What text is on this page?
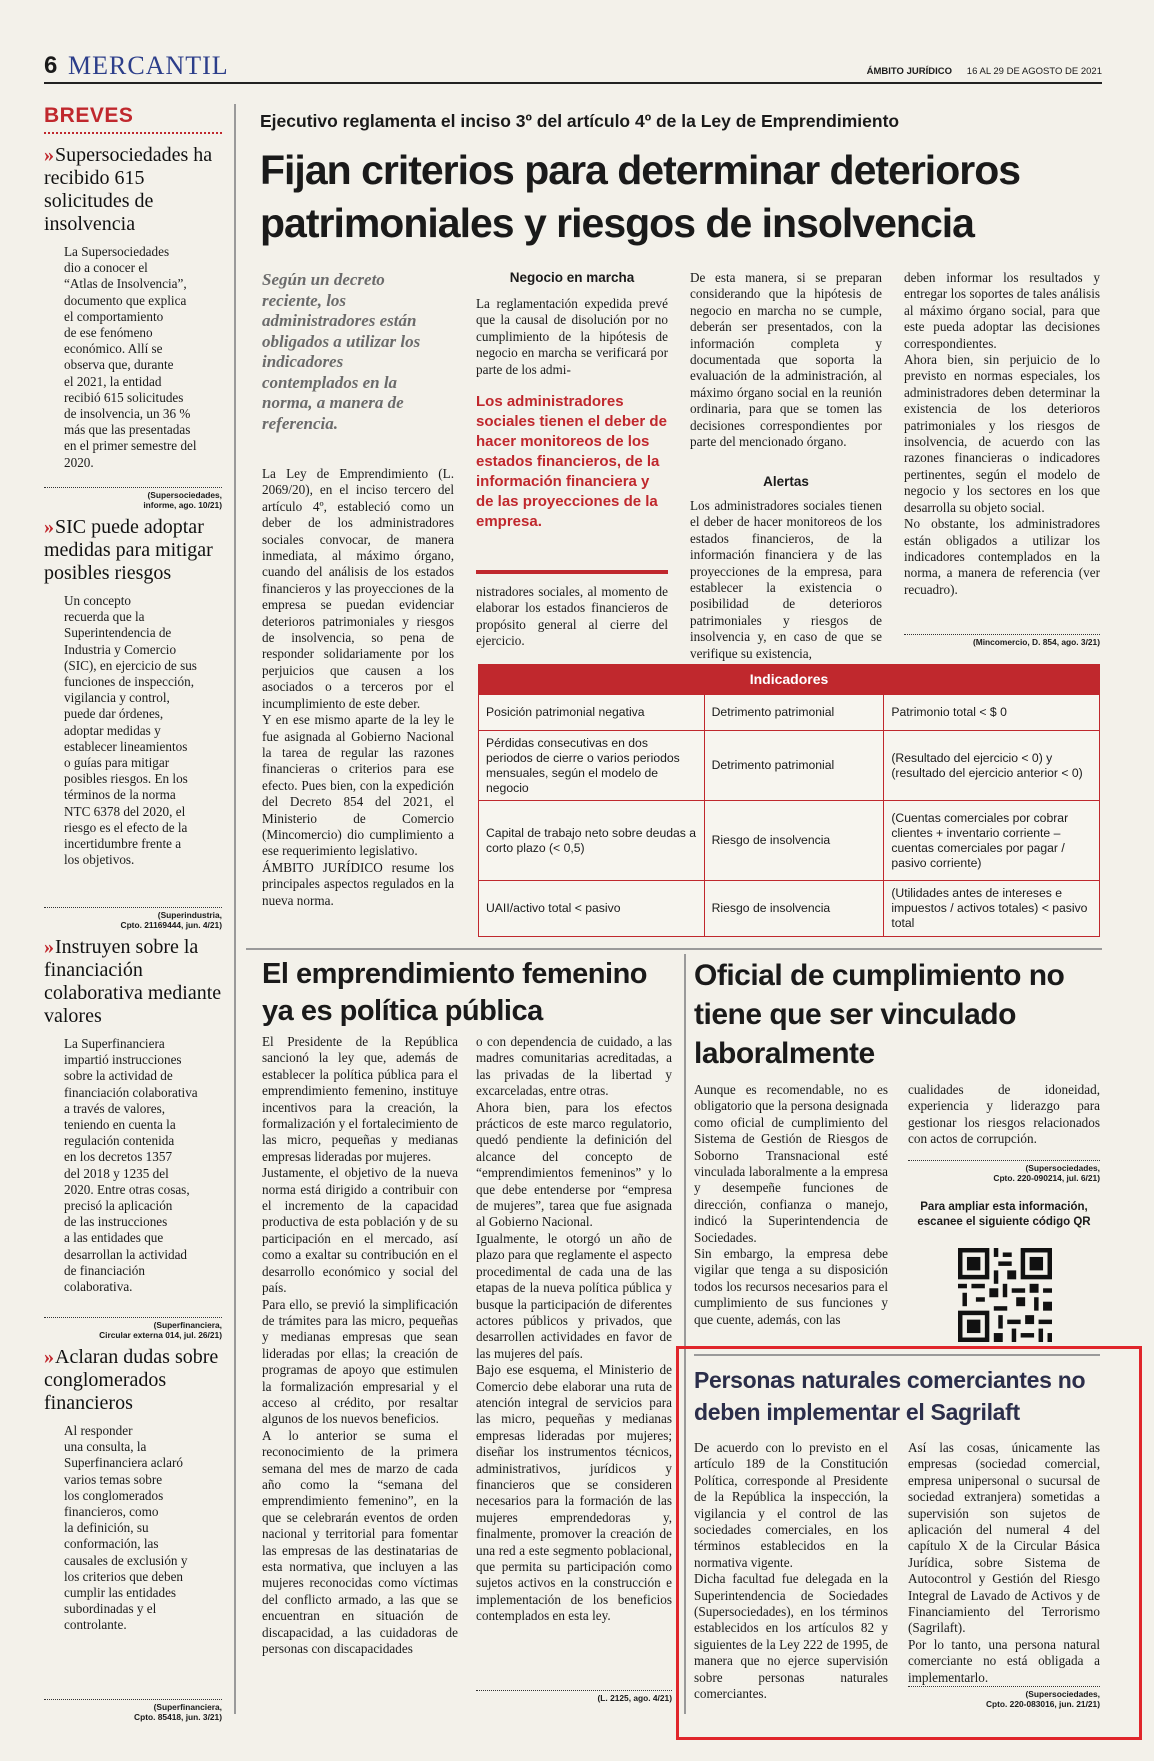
6 MERCANTIL	ÁMBITO JURÍDICO 16 AL 29 DE AGOSTO DE 2021
BREVES
» Supersociedades ha recibido 615 solicitudes de insolvencia
La Supersociedades
dio a conocer el
“Atlas de Insolvencia”,
documento que explica
el comportamiento
de ese fenómeno
económico. Allí se
observa que, durante
el 2021, la entidad
recibió 615 solicitudes
de insolvencia, un 36 %
más que las presentadas
en el primer semestre del
2020.
(Supersociedades,
informe, ago. 10/21)
» SIC puede adoptar medidas para mitigar posibles riesgos
Un concepto
recuerda que la
Superintendencia de
Industria y Comercio
(SIC), en ejercicio de sus
funciones de inspección,
vigilancia y control,
puede dar órdenes,
adoptar medidas y
establecer lineamientos
o guías para mitigar
posibles riesgos. En los
términos de la norma
NTC 6378 del 2020, el
riesgo es el efecto de la
incertidumbre frente a
los objetivos.
(Superindustria,
Cpto. 21169444, jun. 4/21)
» Instruyen sobre la financiación colaborativa mediante valores
La Superfinanciera
impartió instrucciones
sobre la actividad de
financiación colaborativa
a través de valores,
teniendo en cuenta la
regulación contenida
en los decretos 1357
del 2018 y 1235 del
2020. Entre otras cosas,
precisó la aplicación
de las instrucciones
a las entidades que
desarrollan la actividad
de financiación
colaborativa.
(Superfinanciera,
Circular externa 014, jul. 26/21)
» Aclaran dudas sobre conglomerados financieros
Al responder
una consulta, la
Superfinanciera aclaró
varios temas sobre
los conglomerados
financieros, como
la definición, su
conformación, las
causales de exclusión y
los criterios que deben
cumplir las entidades
subordinadas y el
controlante.
(Superfinanciera,
Cpto. 85418, jun. 3/21)
Ejecutivo reglamenta el inciso 3º del artículo 4º de la Ley de Emprendimiento
Fijan criterios para determinar deterioros patrimoniales y riesgos de insolvencia
Según un decreto reciente, los administradores están obligados a utilizar los indicadores contemplados en la norma, a manera de referencia.
La Ley de Emprendimiento (L. 2069/20), en el inciso tercero del artículo 4º, estableció como un deber de los administradores sociales convocar, de manera inmediata, al máximo órgano, cuando del análisis de los estados financieros y las proyecciones de la empresa se puedan evidenciar deterioros patrimoniales y riesgos de insolvencia, so pena de responder solidariamente por los perjuicios que causen a los asociados o a terceros por el incumplimiento de este deber.
Y en ese mismo aparte de la ley le fue asignada al Gobierno Nacional la tarea de regular las razones financieras o criterios para ese efecto. Pues bien, con la expedición del Decreto 854 del 2021, el Ministerio de Comercio (Mincomercio) dio cumplimiento a ese requerimiento legislativo.
ÁMBITO JURÍDICO resume los principales aspectos regulados en la nueva norma.
Negocio en marcha
La reglamentación expedida prevé que la causal de disolución por no cumplimiento de la hipótesis de negocio en marcha se verificará por parte de los admi-
Los administradores sociales tienen el deber de hacer monitoreos de los estados financieros, de la información financiera y de las proyecciones de la empresa.
nistradores sociales, al momento de elaborar los estados financieros de propósito general al cierre del ejercicio.
De esta manera, si se preparan considerando que la hipótesis de negocio en marcha no se cumple, deberán ser presentados, con la información completa y documentada que soporta la evaluación de la administración, al máximo órgano social en la reunión ordinaria, para que se tomen las decisiones correspondientes por parte del mencionado órgano.
Alertas
Los administradores sociales tienen el deber de hacer monitoreos de los estados financieros, de la información financiera y de las proyecciones de la empresa, para establecer la existencia o posibilidad de deterioros patrimoniales y riesgos de insolvencia y, en caso de que se verifique su existencia,
deben informar los resultados y entregar los soportes de tales análisis al máximo órgano social, para que este pueda adoptar las decisiones correspondientes.
Ahora bien, sin perjuicio de lo previsto en normas especiales, los administradores deben determinar la existencia de los deterioros patrimoniales y los riesgos de insolvencia, de acuerdo con las razones financieras o indicadores pertinentes, según el modelo de negocio y los sectores en los que desarrolla su objeto social.
No obstante, los administradores están obligados a utilizar los indicadores contemplados en la norma, a manera de referencia (ver recuadro).
(Mincomercio, D. 854, ago. 3/21)
Indicadores
Posición patrimonial negativa	Detrimento patrimonial	Patrimonio total < $ 0
Pérdidas consecutivas en dos periodos de cierre o varios periodos mensuales, según el modelo de negocio	Detrimento patrimonial	(Resultado del ejercicio < 0) y (resultado del ejercicio anterior < 0)
Capital de trabajo neto sobre deudas a corto plazo (< 0,5)	Riesgo de insolvencia	(Cuentas comerciales por cobrar clientes + inventario corriente – cuentas comerciales por pagar / pasivo corriente)
UAII/activo total < pasivo	Riesgo de insolvencia	(Utilidades antes de intereses e impuestos / activos totales) < pasivo total
El emprendimiento femenino ya es política pública
El Presidente de la República sancionó la ley que, además de establecer la política pública para el emprendimiento femenino, instituye incentivos para la creación, la formalización y el fortalecimiento de las micro, pequeñas y medianas empresas lideradas por mujeres.
Justamente, el objetivo de la nueva norma está dirigido a contribuir con el incremento de la capacidad productiva de esta población y de su participación en el mercado, así como a exaltar su contribución en el desarrollo económico y social del país.
Para ello, se previó la simplificación de trámites para las micro, pequeñas y medianas empresas que sean lideradas por ellas; la creación de programas de apoyo que estimulen la formalización empresarial y el acceso al crédito, por resaltar algunos de los nuevos beneficios.
A lo anterior se suma el reconocimiento de la primera semana del mes de marzo de cada año como la “semana del emprendimiento femenino”, en la que se celebrarán eventos de orden nacional y territorial para fomentar las empresas de las destinatarias de esta normativa, que incluyen a las mujeres reconocidas como víctimas del conflicto armado, a las que se encuentran en situación de discapacidad, a las cuidadoras de personas con discapacidades
o con dependencia de cuidado, a las madres comunitarias acreditadas, a las privadas de la libertad y excarceladas, entre otras.
Ahora bien, para los efectos prácticos de este marco regulatorio, quedó pendiente la definición del alcance del concepto de “emprendimientos femeninos” y lo que debe entenderse por “empresa de mujeres”, tarea que fue asignada al Gobierno Nacional.
Igualmente, le otorgó un año de plazo para que reglamente el aspecto procedimental de cada una de las etapas de la nueva política pública y busque la participación de diferentes actores públicos y privados, que desarrollen actividades en favor de las mujeres del país.
Bajo ese esquema, el Ministerio de Comercio debe elaborar una ruta de atención integral de servicios para las micro, pequeñas y medianas empresas lideradas por mujeres; diseñar los instrumentos técnicos, administrativos, jurídicos y financieros que se consideren necesarios para la formación de las mujeres emprendedoras y, finalmente, promover la creación de una red a este segmento poblacional, que permita su participación como sujetos activos en la construcción e implementación de los beneficios contemplados en esta ley.
(L. 2125, ago. 4/21)
Oficial de cumplimiento no tiene que ser vinculado laboralmente
Aunque es recomendable, no es obligatorio que la persona designada como oficial de cumplimiento del Sistema de Gestión de Riesgos de Soborno Transnacional esté vinculada laboralmente a la empresa y desempeñe funciones de dirección, confianza o manejo, indicó la Superintendencia de Sociedades.
Sin embargo, la empresa debe vigilar que tenga a su disposición todos los recursos necesarios para el cumplimiento de sus funciones y que cuente, además, con las
cualidades de idoneidad, experiencia y liderazgo para gestionar los riesgos relacionados con actos de corrupción.
(Supersociedades,
Cpto. 220-090214, jul. 6/21)
Para ampliar esta información,
escanee el siguiente código QR
Personas naturales comerciantes no deben implementar el Sagrilaft
De acuerdo con lo previsto en el artículo 189 de la Constitución Política, corresponde al Presidente de la República la inspección, la vigilancia y el control de las sociedades comerciales, en los términos establecidos en la normativa vigente.
Dicha facultad fue delegada en la Superintendencia de Sociedades (Supersociedades), en los términos establecidos en los artículos 82 y siguientes de la Ley 222 de 1995, de manera que no ejerce supervisión sobre personas naturales comerciantes.
Así las cosas, únicamente las empresas (sociedad comercial, empresa unipersonal o sucursal de sociedad extranjera) sometidas a supervisión son sujetos de aplicación del numeral 4 del capítulo X de la Circular Básica Jurídica, sobre Sistema de Autocontrol y Gestión del Riesgo Integral de Lavado de Activos y de Financiamiento del Terrorismo (Sagrilaft).
Por lo tanto, una persona natural comerciante no está obligada a implementarlo.
(Supersociedades,
Cpto. 220-083016, jun. 21/21)
